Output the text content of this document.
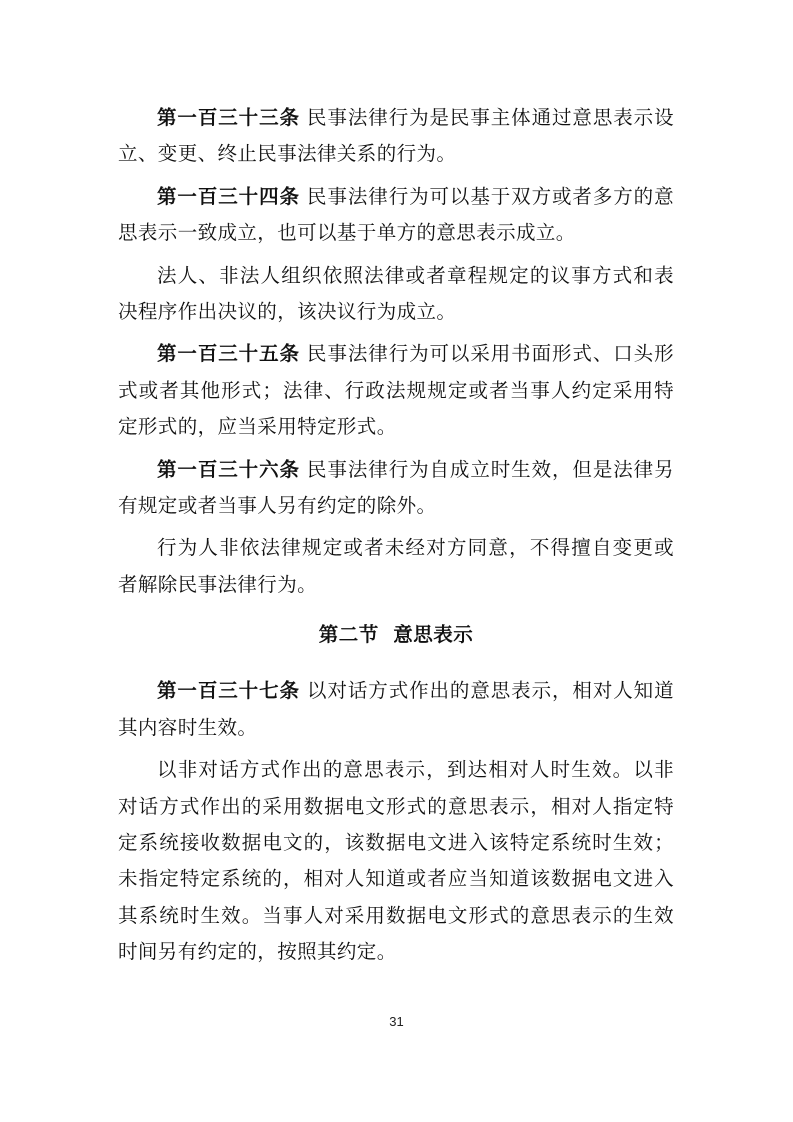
第一百三十三条 民事法律行为是民事主体通过意思表示设立、变更、终止民事法律关系的行为。

第一百三十四条 民事法律行为可以基于双方或者多方的意思表示一致成立，也可以基于单方的意思表示成立。

法人、非法人组织依照法律或者章程规定的议事方式和表决程序作出决议的，该决议行为成立。

第一百三十五条 民事法律行为可以采用书面形式、口头形式或者其他形式；法律、行政法规规定或者当事人约定采用特定形式的，应当采用特定形式。

第一百三十六条 民事法律行为自成立时生效，但是法律另有规定或者当事人另有约定的除外。

行为人非依法律规定或者未经对方同意，不得擅自变更或者解除民事法律行为。

第二节  意思表示

第一百三十七条 以对话方式作出的意思表示，相对人知道其内容时生效。

以非对话方式作出的意思表示，到达相对人时生效。以非对话方式作出的采用数据电文形式的意思表示，相对人指定特定系统接收数据电文的，该数据电文进入该特定系统时生效；未指定特定系统的，相对人知道或者应当知道该数据电文进入其系统时生效。当事人对采用数据电文形式的意思表示的生效时间另有约定的，按照其约定。

31
